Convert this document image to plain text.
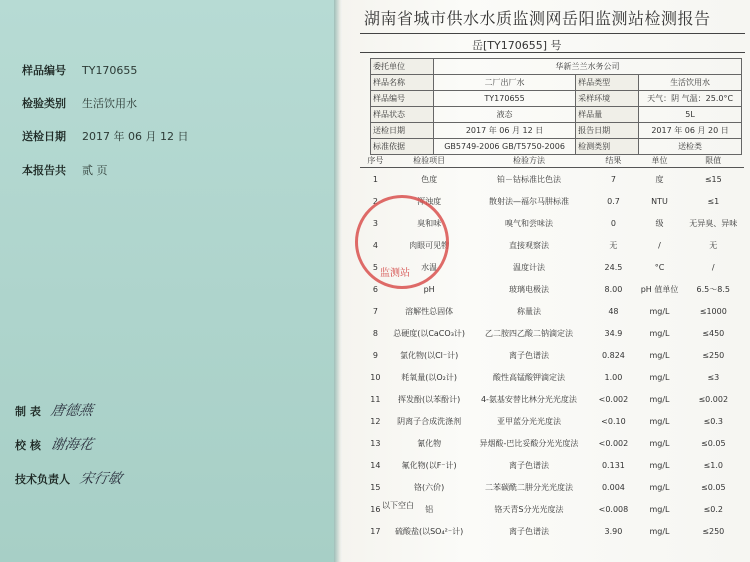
样品编号 TY170655
检验类别 生活饮用水
送检日期 2017 年 06 月 12 日
本报告共 贰 页
制 表 唐德燕
校 核 谢海花
技术负责人 宋行敏
湖南省城市供水水质监测网岳阳监测站检测报告
岳[TY170655] 号
委托单位	华新兰兰水务公司		
样品名称	二厂出厂水	样品类型	生活饮用水
样品编号	TY170655	采样环境	天气：阴 气温：25.0°C
样品状态	液态	样品量	5L
送检日期	2017 年 06 月 12 日	报告日期	2017 年 06 月 20 日
标准依据	GB5749-2006 GB/T5750-2006	检测类别	送检类
序号	检验项目	检验方法	结果	单位	限值
1	色度	铂－钴标准比色法	7	度	≤15
2	浑浊度	散射法—福尔马肼标准	0.7	NTU	≤1
3	臭和味	嗅气和尝味法	0	级	无异臭、异味
4	肉眼可见物	直接观察法	无	/	无
5	水温	温度计法	24.5	°C	/
6	pH	玻璃电极法	8.00	pH 值单位	6.5～8.5
7	溶解性总固体	称量法	48	mg/L	≤1000
8	总硬度(以CaCO₃计)	乙二胺四乙酸二钠滴定法	34.9	mg/L	≤450
9	氯化物(以Cl⁻计)	离子色谱法	0.824	mg/L	≤250
10	耗氧量(以O₂计)	酸性高锰酸钾滴定法	1.00	mg/L	≤3
11	挥发酚(以苯酚计)	4-氨基安替比林分光光度法	<0.002	mg/L	≤0.002
12	阴离子合成洗涤剂	亚甲蓝分光光度法	<0.10	mg/L	≤0.3
13	氰化物	异烟酸-巴比妥酸分光光度法	<0.002	mg/L	≤0.05
14	氟化物(以F⁻计)	离子色谱法	0.131	mg/L	≤1.0
15	铬(六价)	二苯碳酰二肼分光光度法	0.004	mg/L	≤0.05
16	铝	铬天青S分光光度法	<0.008	mg/L	≤0.2
17	硫酸盐(以SO₄²⁻计)	离子色谱法	3.90	mg/L	≤250
以下空白
监测站
